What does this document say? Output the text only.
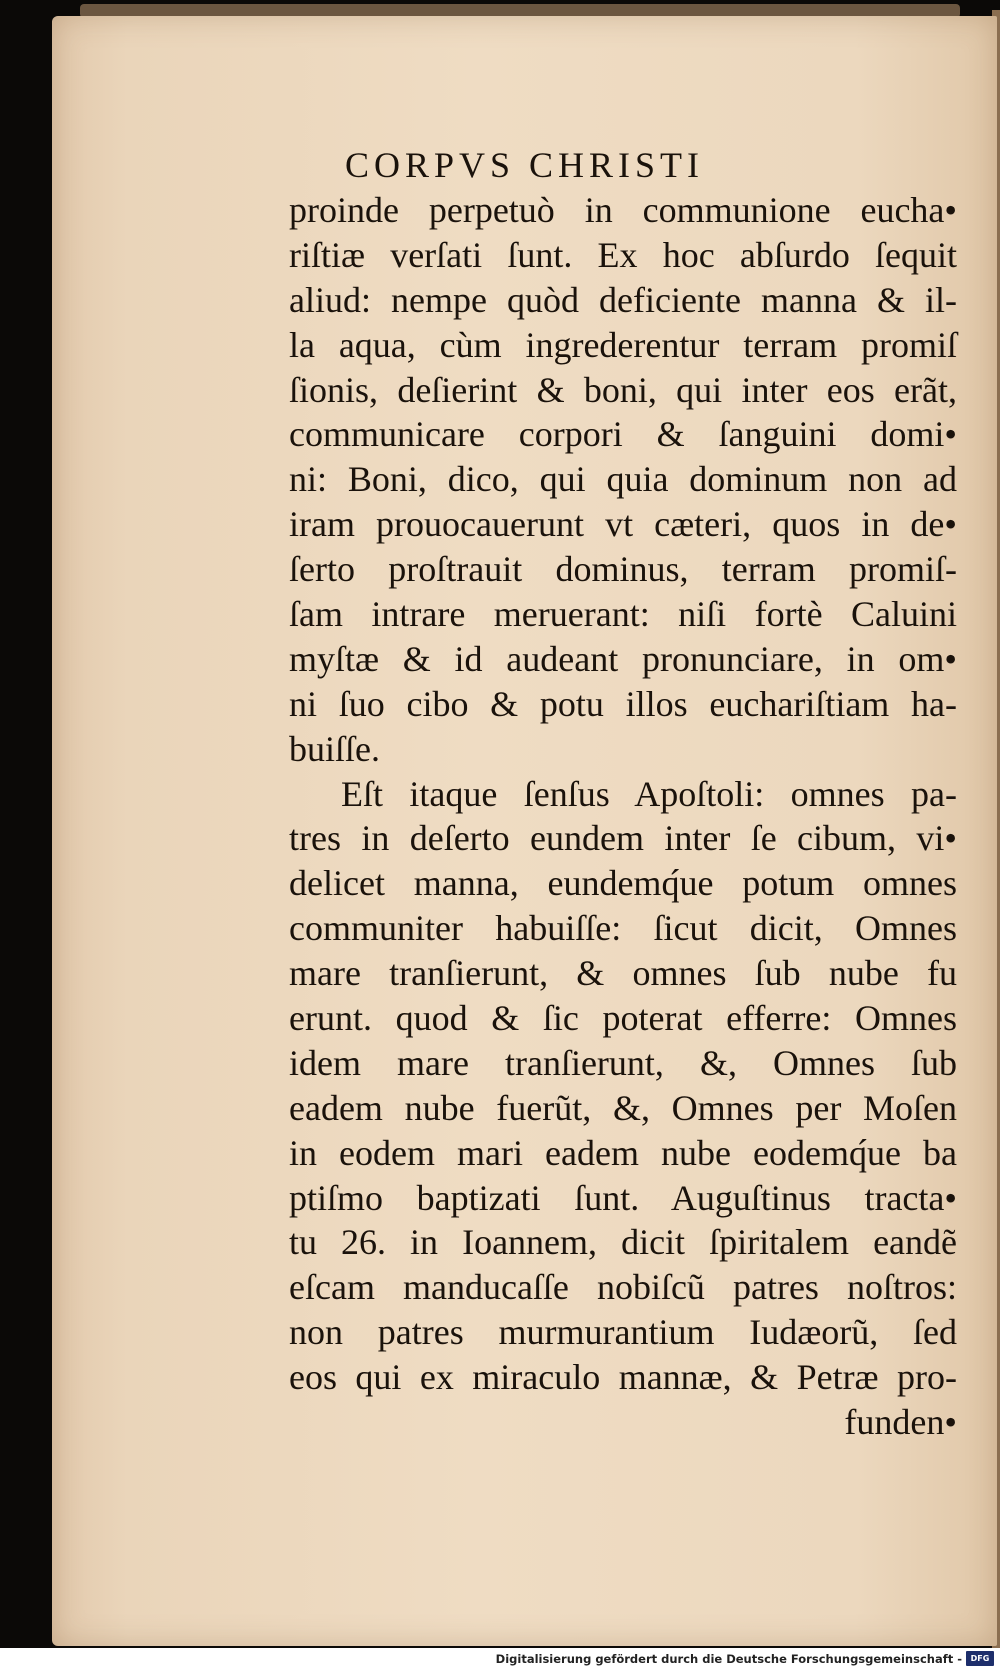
CORPVS CHRISTI
proinde perpetuò in communione eucha•
riſtiæ verſati ſunt. Ex hoc abſurdo ſequit
aliud: nempe quòd deficiente manna & il-
la aqua, cùm ingrederentur terram promiſ
ſionis, deſierint & boni, qui inter eos erãt,
communicare corpori & ſanguini domi•
ni: Boni, dico, qui quia dominum non ad
iram prouocauerunt vt cæteri, quos in de•
ſerto proſtrauit dominus, terram promiſ-
ſam intrare meruerant: niſi fortè Caluini
myſtæ & id audeant pronunciare, in om•
ni ſuo cibo & potu illos euchariſtiam ha-
buiſſe.
Eſt itaque ſenſus Apoſtoli: omnes pa-
tres in deſerto eundem inter ſe cibum, vi•
delicet manna, eundemq́ue potum omnes
communiter habuiſſe: ſicut dicit, Omnes
mare tranſierunt, & omnes ſub nube fu
erunt. quod & ſic poterat efferre: Omnes
idem mare tranſierunt, &, Omnes ſub
eadem nube fuerũt, &, Omnes per Moſen
in eodem mari eadem nube eodemq́ue ba
ptiſmo baptizati ſunt. Auguſtinus tracta•
tu 26. in Ioannem, dicit ſpiritalem eandẽ
eſcam manducaſſe nobiſcũ patres noſtros:
non patres murmurantium Iudæorũ, ſed
eos qui ex miraculo mannæ, & Petræ pro-
funden•
Digitalisierung gefördert durch die Deutsche Forschungsgemeinschaft -	DFG
